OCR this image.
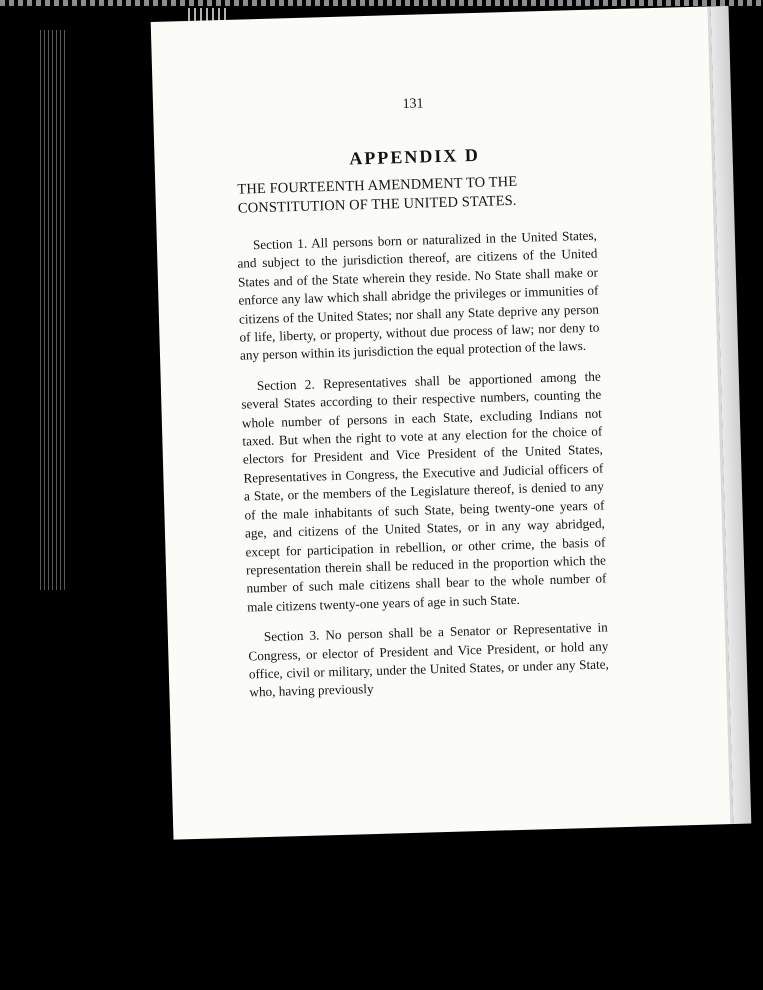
131
APPENDIX D
THE FOURTEENTH AMENDMENT TO THE CONSTITUTION OF THE UNITED STATES.

Section 1. All persons born or naturalized in the United States, and subject to the jurisdiction thereof, are citizens of the United States and of the State wherein they reside. No State shall make or enforce any law which shall abridge the privileges or immunities of citizens of the United States; nor shall any State deprive any person of life, liberty, or property, without due process of law; nor deny to any person within its jurisdiction the equal protection of the laws.

Section 2. Representatives shall be apportioned among the several States according to their respective numbers, counting the whole number of persons in each State, excluding Indians not taxed. But when the right to vote at any election for the choice of electors for President and Vice President of the United States, Representatives in Congress, the Executive and Judicial officers of a State, or the members of the Legislature thereof, is denied to any of the male inhabitants of such State, being twenty-one years of age, and citizens of the United States, or in any way abridged, except for participation in rebellion, or other crime, the basis of representation therein shall be reduced in the proportion which the number of such male citizens shall bear to the whole number of male citizens twenty-one years of age in such State.

Section 3. No person shall be a Senator or Representative in Congress, or elector of President and Vice President, or hold any office, civil or military, under the United States, or under any State, who, having previously
